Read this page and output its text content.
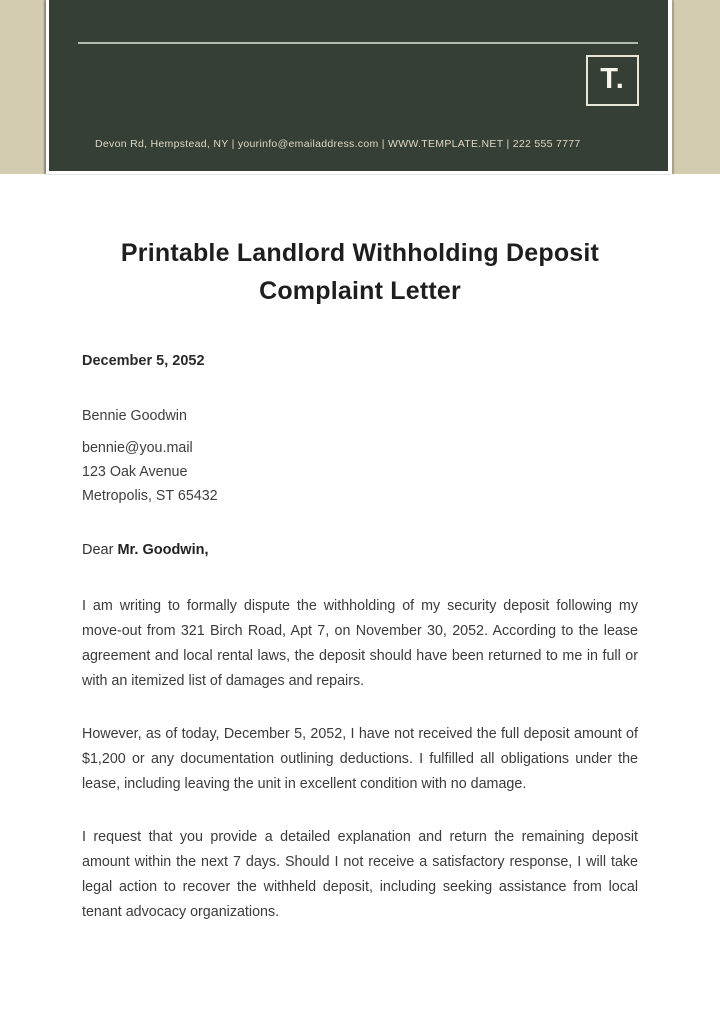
T.
Devon Rd, Hempstead, NY | yourinfo@emailaddress.com | WWW.TEMPLATE.NET | 222 555 7777
Printable Landlord Withholding Deposit Complaint Letter

December 5, 2052

Bennie Goodwin

bennie@you.mail
123 Oak Avenue
Metropolis, ST 65432

Dear Mr. Goodwin,

I am writing to formally dispute the withholding of my security deposit following my move-out from 321 Birch Road, Apt 7, on November 30, 2052. According to the lease agreement and local rental laws, the deposit should have been returned to me in full or with an itemized list of damages and repairs.

However, as of today, December 5, 2052, I have not received the full deposit amount of $1,200 or any documentation outlining deductions. I fulfilled all obligations under the lease, including leaving the unit in excellent condition with no damage.

I request that you provide a detailed explanation and return the remaining deposit amount within the next 7 days. Should I not receive a satisfactory response, I will take legal action to recover the withheld deposit, including seeking assistance from local tenant advocacy organizations.
